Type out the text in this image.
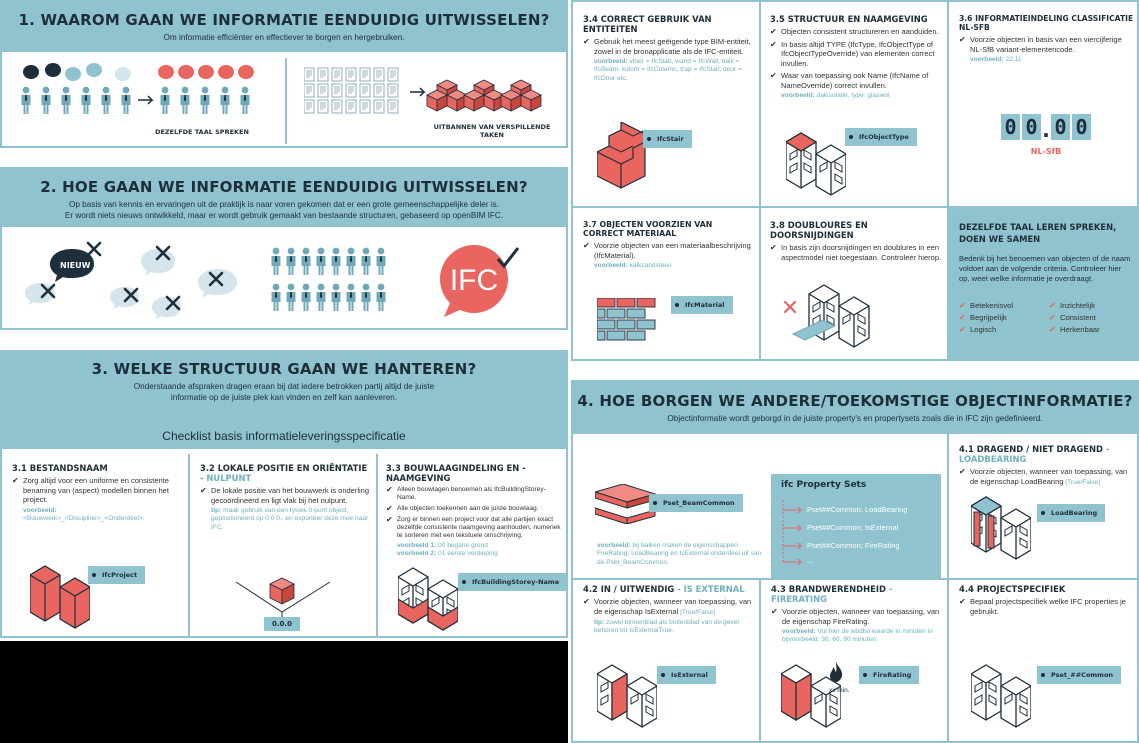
1. WAAROM GAAN WE INFORMATIE EENDUIDIG UITWISSELEN?
Om informatie efficiënter en effectiever te borgen en hergebruiken.
DEZELFDE TAAL SPREKEN
UITBANNEN VAN VERSPILLENDE TAKEN
2. HOE GAAN WE INFORMATIE EENDUIDIG UITWISSELEN?
Op basis van kennis en ervaringen uit de praktijk is naar voren gekomen dat er een grote gemeenschappelijke deler is.
Er wordt niets nieuws ontwikkeld, maar er wordt gebruik gemaakt van bestaande structuren, gebaseerd op openBIM IFC.
NIEUW	IFC
3. WELKE STRUCTUUR GAAN WE HANTEREN?
Onderstaande afspraken dragen eraan bij dat iedere betrokken partij altijd de juiste
informatie op de juiste plek kan vinden en zelf kan aanleveren.
Checklist basis informatieleveringsspecificatie
3.1 BESTANDSNAAM
✔ Zorg altijd voor een uniforme en consistente benaming van (aspect) modellen binnen het project.
voorbeeld:
<Bouwwerk>_<Discipline>_<Onderdeel>
IfcProject
3.2 LOKALE POSITIE EN ORIËNTATIE - NULPUNT
✔ De lokale positie van het bouwwerk is onderling gecoördineerd en ligt vlak bij het nulpunt.
tip: maak gebruik van een fysiek 0-punt object, gepositioneerd op 0.0.0., en exporteer deze mee naar IFC.
0.0.0
3.3 BOUWLAAGINDELING EN -NAAMGEVING
✔ Alleen bouwlagen benoemen als IfcBuildingStorey-Name.
✔ Alle objecten toekennen aan de juiste bouwlaag.
✔ Zorg er binnen een project voor dat alle partijen exact dezelfde consistente naamgeving aanhouden, numeriek te sorteren met een tekstuele omschrijving.
voorbeeld 1: 00 begane grond
voorbeeld 2: 01 eerste verdieping
IfcBuildingStorey-Name
3.4 CORRECT GEBRUIK VAN ENTITEITEN
✔ Gebruik het meest geëigende type BIM-entiteit, zowel in de bronapplicatie als de IFC-entiteit.
voorbeeld: vloer = IfcSlab, wand = IfcWall, balk = IfcBeam, kolom = IfcColumn, trap = IfcStair, deur = IfcDoor etc.
IfcStair
3.5 STRUCTUUR EN NAAMGEVING
✔ Objecten consistent structureren en aanduiden.
✔ In basis altijd TYPE (IfcType, IfcObjectType of IfcObjectTypeOverride) van elementen correct invullen.
✔ Waar van toepassing ook Name (IfcName of NameOverride) correct invullen.
voorbeeld: dakisolatie, type: glaswol
IfcObjectType
3.6 INFORMATIEINDELING CLASSIFICATIE NL-SFB
✔ Voorzie objecten in basis van een viercijferige NL-SfB variant-elementencode.
voorbeeld: 22.11
0 0 . 0 0
NL-SfB
3.7 OBJECTEN VOORZIEN VAN CORRECT MATERIAAL
✔ Voorzie objecten van een materiaalbeschrijving (IfcMaterial).
voorbeeld: kalkzandsteen
IfcMaterial
3.8 DOUBLOURES EN DOORSNIJDINGEN
✔ In basis zijn doorsnijdingen en doublures in een aspectmodel niet toegestaan. Controleer hierop.
DEZELFDE TAAL LEREN SPREKEN,
DOEN WE SAMEN
Bedenk bij het benoemen van objecten of de naam voldoet aan de volgende criteria. Controleer hier op, weet welke informatie je overdraagt.
✔ Betekenisvol
✔ Begrijpelijk
✔ Logisch
✔ Inzichtelijk
✔ Consistent
✔ Herkenbaar
4. HOE BORGEN WE ANDERE/TOEKOMSTIGE OBJECTINFORMATIE?
Objectinformatie wordt geborgd in de juiste property's en propertysets zoals die in IFC zijn gedefinieerd.
Pset_BeamCommon
voorbeeld: bij balken maken de eigenschappen FireRating, LoadBearing en IsExternal onderdeel uit van de Pset_BeamCommon.
ifc Property Sets
Pset##Common; LoadBearing
Pset##Common; IsExternal
Pset##Common; FireRating
...
4.1 DRAGEND / NIET DRAGEND - LOADBEARING
✔ Voorzie objecten, wanneer van toepassing, van de eigenschap LoadBearing [True/False]
LoadBearing
4.2 IN / UITWENDIG - IS EXTERNAL
✔ Voorzie objecten, wanneer van toepassing, van de eigenschap IsExternal [True/False]
tip: zowel binnenblad als buitenblad van de gevel behoren tot IsExternalTrue.
IsExternal
4.3 BRANDWERENDHEID - FIRERATING
✔ Voorzie objecten, wanneer van toepassing, van de eigenschap FireRating.
voorbeeld: Vul hier de wbdbo waarde in minuten in bijvoorbeeld: 30, 60, 90 minuten.
xx min.
FireRating
4.4 PROJECTSPECIFIEK
✔ Bepaal projectspecifiek welke IFC properties je gebruikt.
Pset_##Common
